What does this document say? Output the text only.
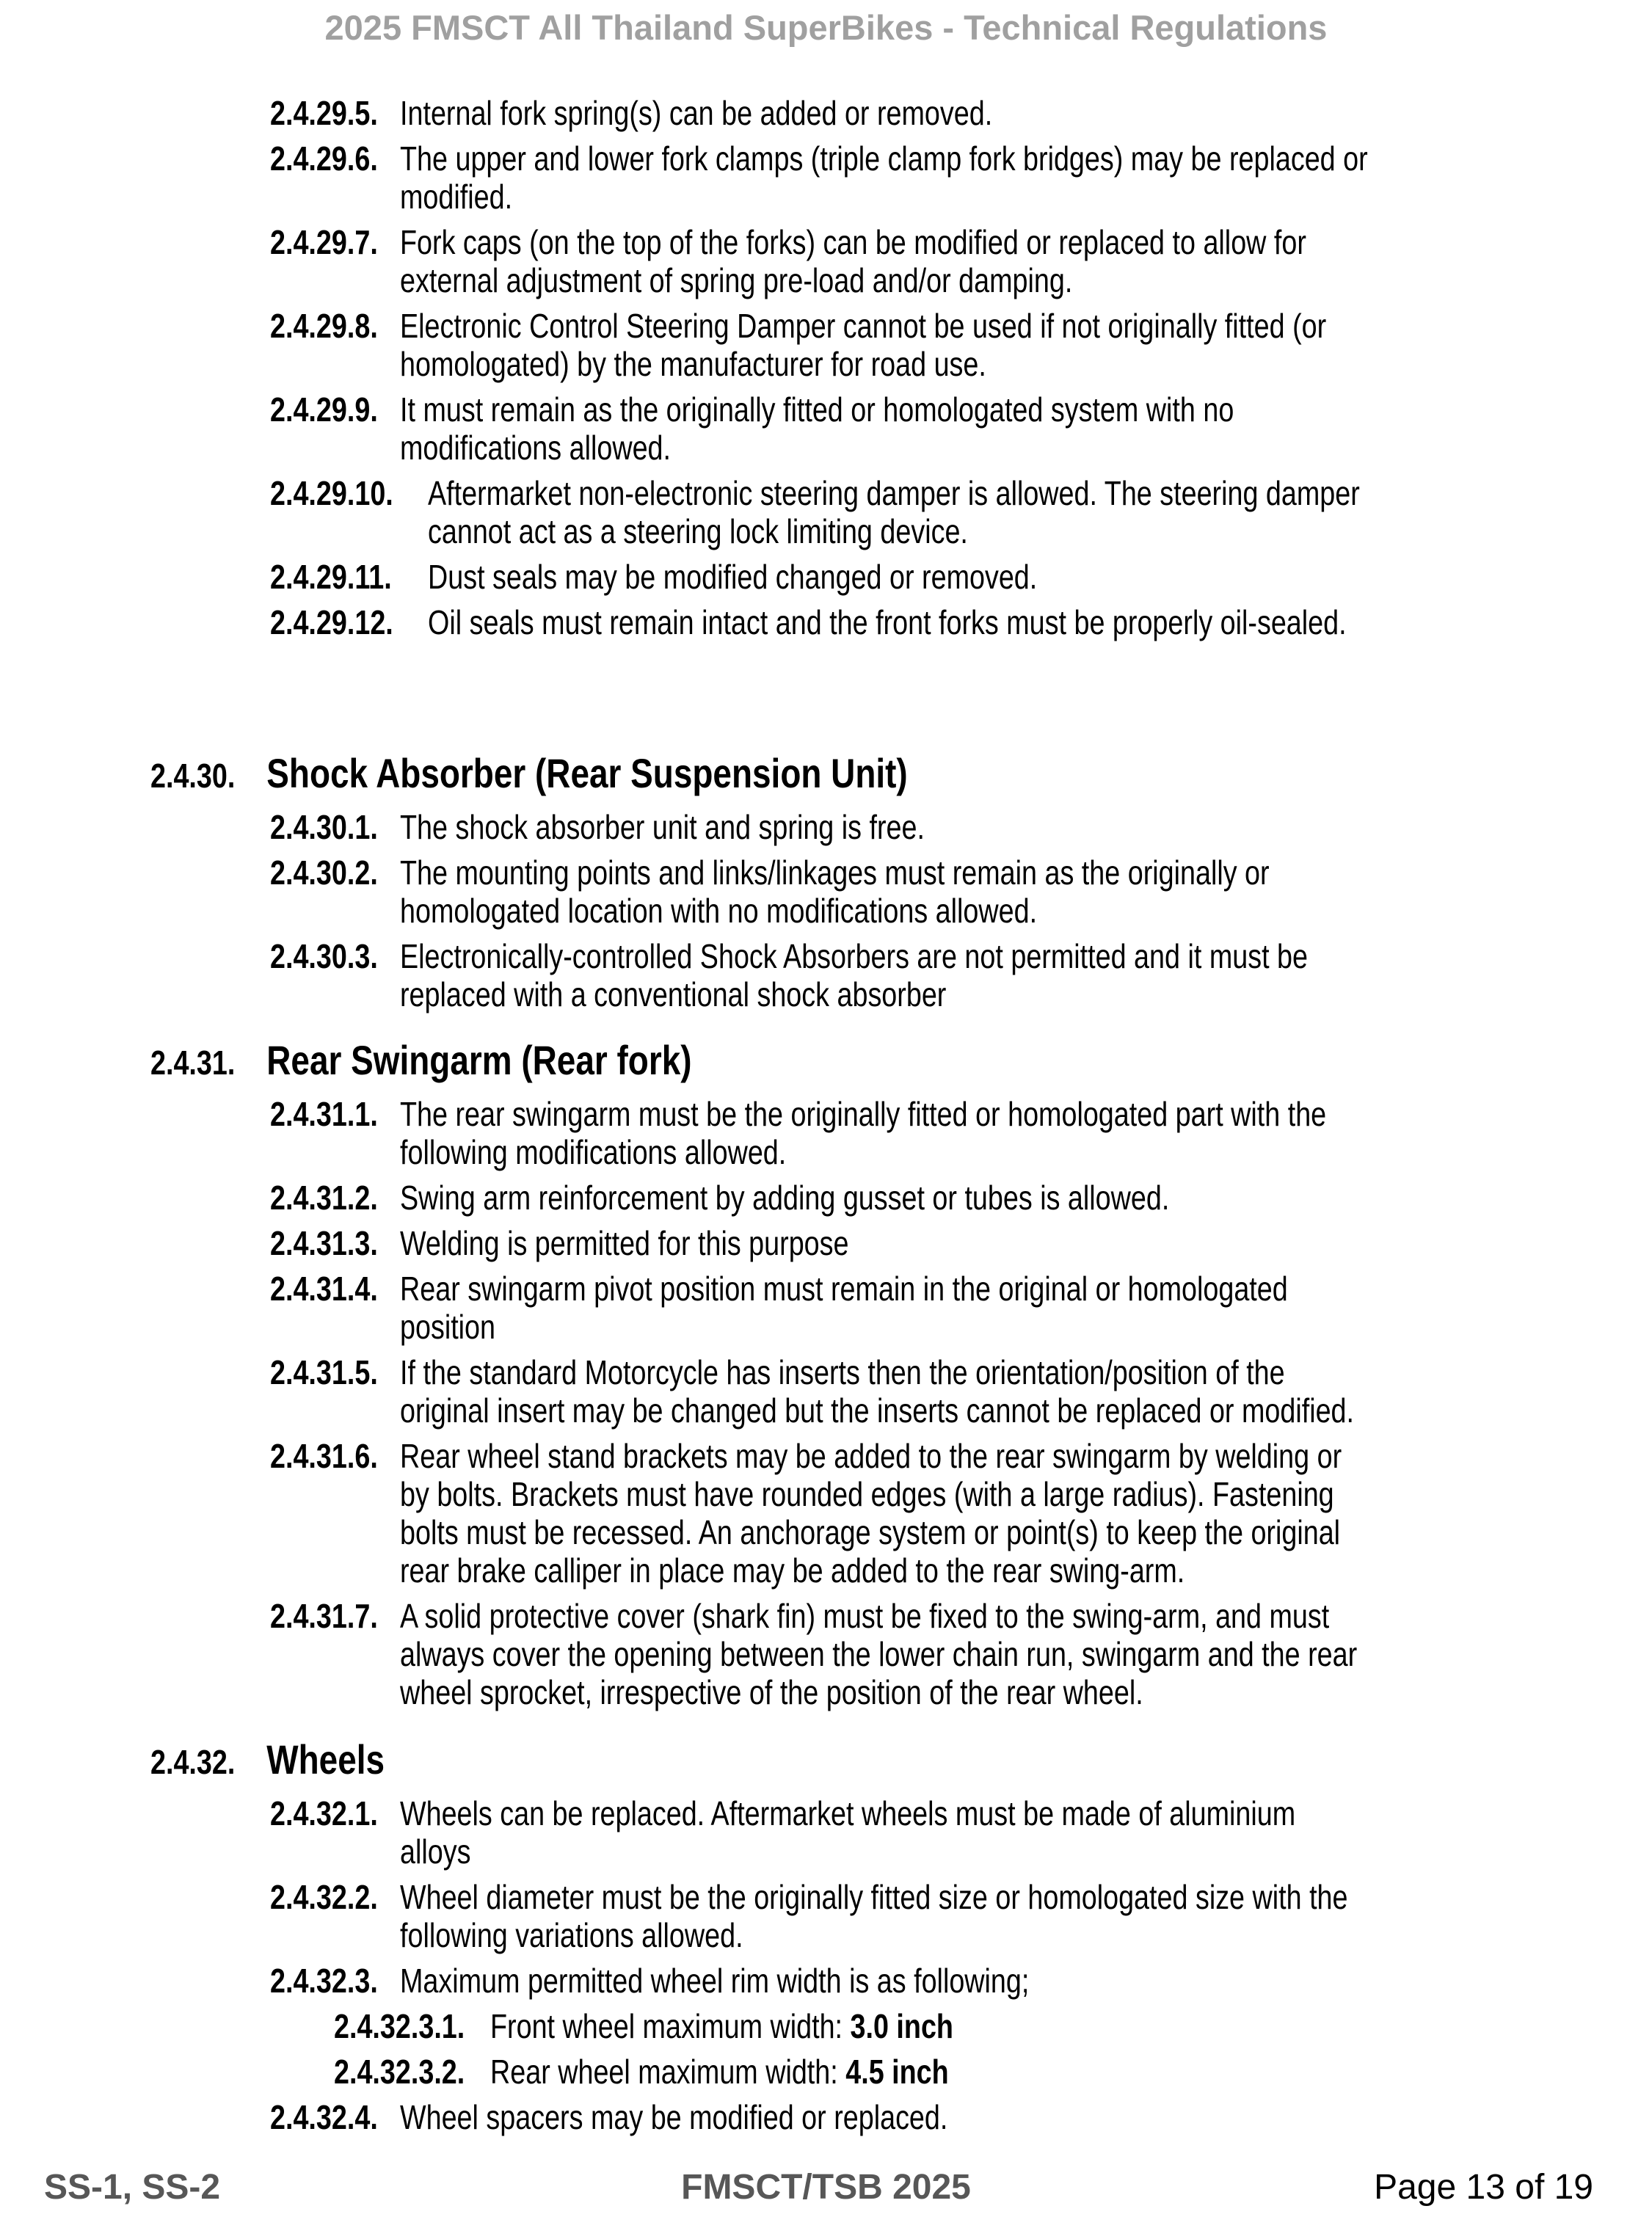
2025 FMSCT All Thailand SuperBikes - Technical Regulations
2.4.29.5. Internal fork spring(s) can be added or removed.
2.4.29.6. The upper and lower fork clamps (triple clamp fork bridges) may be replaced or
modified.
2.4.29.7. Fork caps (on the top of the forks) can be modified or replaced to allow for
external adjustment of spring pre-load and/or damping.
2.4.29.8. Electronic Control Steering Damper cannot be used if not originally fitted (or
homologated) by the manufacturer for road use.
2.4.29.9. It must remain as the originally fitted or homologated system with no
modifications allowed.
2.4.29.10. Aftermarket non-electronic steering damper is allowed. The steering damper
cannot act as a steering lock limiting device.
2.4.29.11. Dust seals may be modified changed or removed.
2.4.29.12. Oil seals must remain intact and the front forks must be properly oil-sealed.
2.4.30. Shock Absorber (Rear Suspension Unit)
2.4.30.1. The shock absorber unit and spring is free.
2.4.30.2. The mounting points and links/linkages must remain as the originally or
homologated location with no modifications allowed.
2.4.30.3. Electronically-controlled Shock Absorbers are not permitted and it must be
replaced with a conventional shock absorber
2.4.31. Rear Swingarm (Rear fork)
2.4.31.1. The rear swingarm must be the originally fitted or homologated part with the
following modifications allowed.
2.4.31.2. Swing arm reinforcement by adding gusset or tubes is allowed.
2.4.31.3. Welding is permitted for this purpose
2.4.31.4. Rear swingarm pivot position must remain in the original or homologated
position
2.4.31.5. If the standard Motorcycle has inserts then the orientation/position of the
original insert may be changed but the inserts cannot be replaced or modified.
2.4.31.6. Rear wheel stand brackets may be added to the rear swingarm by welding or
by bolts. Brackets must have rounded edges (with a large radius). Fastening
bolts must be recessed. An anchorage system or point(s) to keep the original
rear brake calliper in place may be added to the rear swing-arm.
2.4.31.7. A solid protective cover (shark fin) must be fixed to the swing-arm, and must
always cover the opening between the lower chain run, swingarm and the rear
wheel sprocket, irrespective of the position of the rear wheel.
2.4.32. Wheels
2.4.32.1. Wheels can be replaced. Aftermarket wheels must be made of aluminium
alloys
2.4.32.2. Wheel diameter must be the originally fitted size or homologated size with the
following variations allowed.
2.4.32.3. Maximum permitted wheel rim width is as following;
2.4.32.3.1. Front wheel maximum width: 3.0 inch
2.4.32.3.2. Rear wheel maximum width: 4.5 inch
2.4.32.4. Wheel spacers may be modified or replaced.
SS-1, SS-2	FMSCT/TSB 2025	Page 13 of 19
